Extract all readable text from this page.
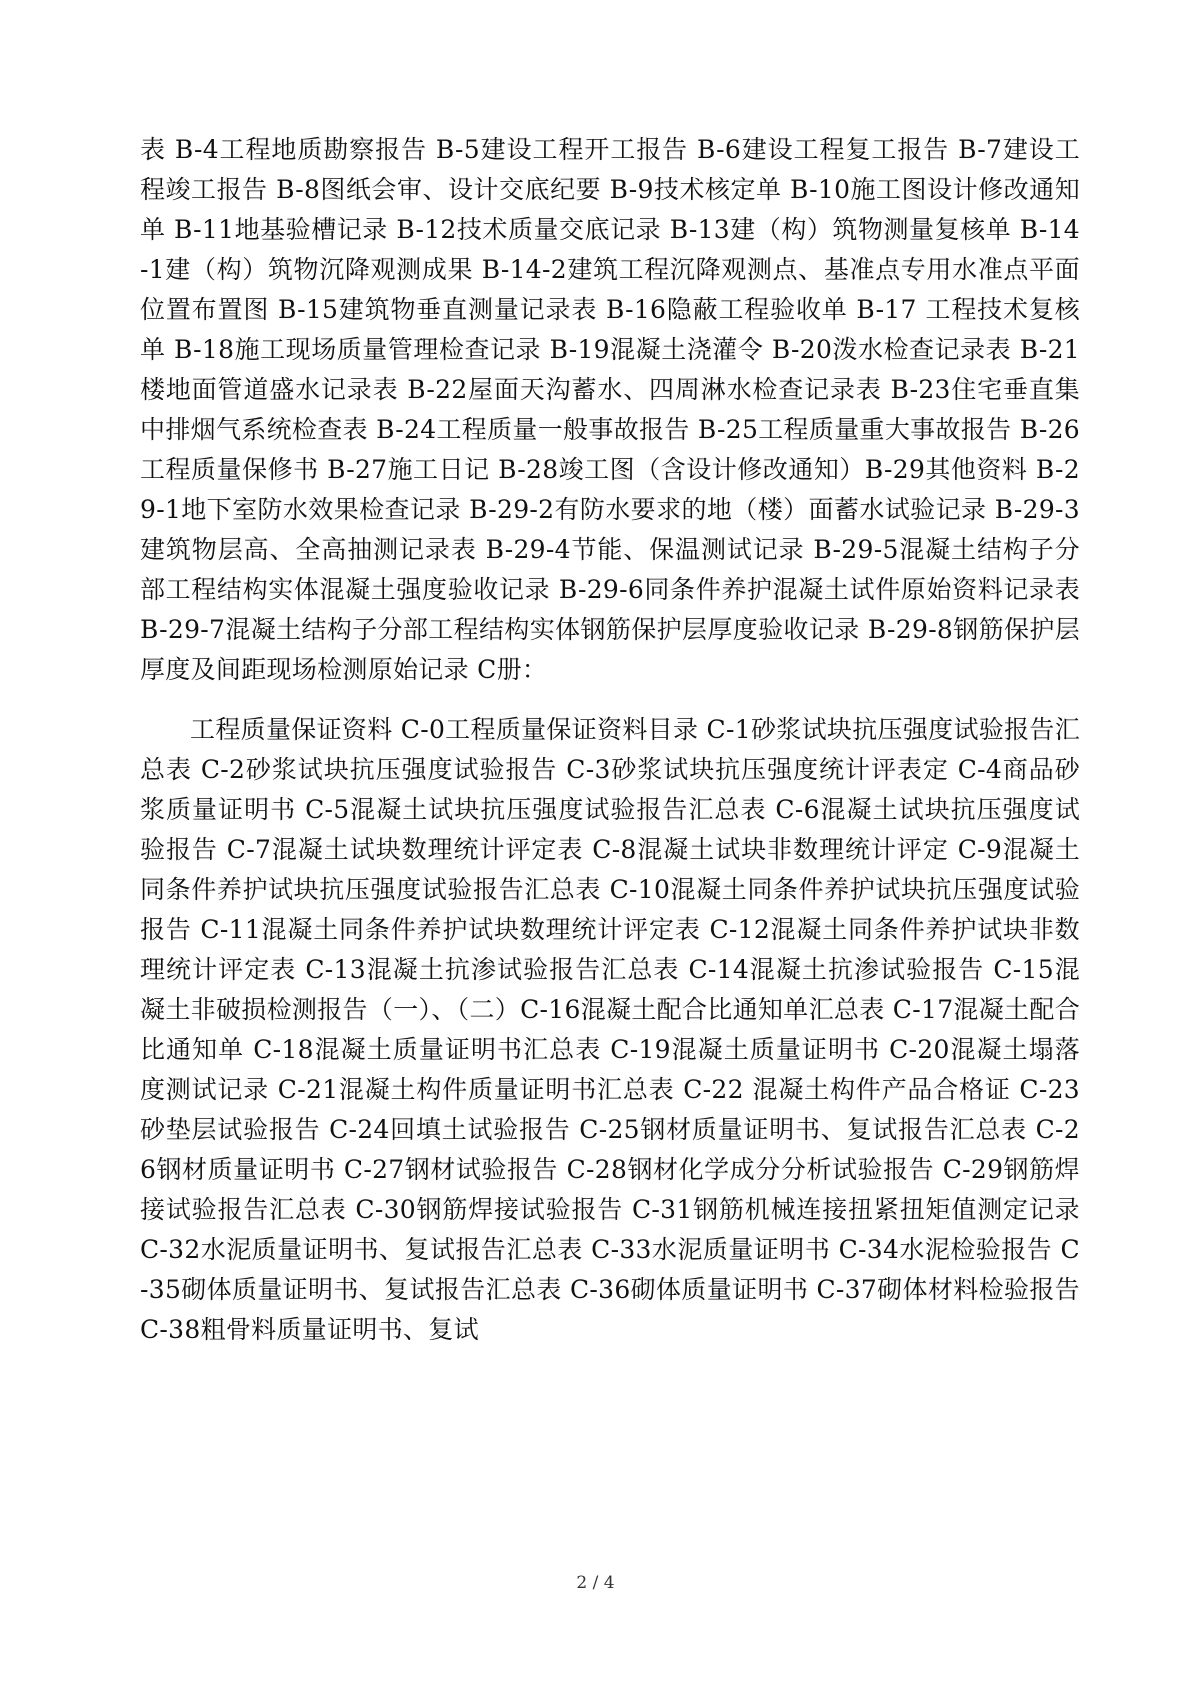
表 B-4工程地质勘察报告 B-5建设工程开工报告 B-6建设工程复工报告 B-7建设工程竣工报告 B-8图纸会审、设计交底纪要 B-9技术核定单 B-10施工图设计修改通知单 B-11地基验槽记录 B-12技术质量交底记录 B-13建（构）筑物测量复核单 B-14-1建（构）筑物沉降观测成果 B-14-2建筑工程沉降观测点、基准点专用水准点平面位置布置图 B-15建筑物垂直测量记录表 B-16隐蔽工程验收单 B-17 工程技术复核单 B-18施工现场质量管理检查记录 B-19混凝土浇灌令 B-20泼水检查记录表 B-21楼地面管道盛水记录表 B-22屋面天沟蓄水、四周淋水检查记录表 B-23住宅垂直集中排烟气系统检查表 B-24工程质量一般事故报告 B-25工程质量重大事故报告 B-26工程质量保修书 B-27施工日记 B-28竣工图（含设计修改通知）B-29其他资料 B-29-1地下室防水效果检查记录 B-29-2有防水要求的地（楼）面蓄水试验记录 B-29-3建筑物层高、全高抽测记录表 B-29-4节能、保温测试记录 B-29-5混凝土结构子分部工程结构实体混凝土强度验收记录 B-29-6同条件养护混凝土试件原始资料记录表 B-29-7混凝土结构子分部工程结构实体钢筋保护层厚度验收记录 B-29-8钢筋保护层厚度及间距现场检测原始记录 C册：

工程质量保证资料 C-0工程质量保证资料目录 C-1砂浆试块抗压强度试验报告汇总表 C-2砂浆试块抗压强度试验报告 C-3砂浆试块抗压强度统计评表定 C-4商品砂浆质量证明书 C-5混凝土试块抗压强度试验报告汇总表 C-6混凝土试块抗压强度试验报告 C-7混凝土试块数理统计评定表 C-8混凝土试块非数理统计评定 C-9混凝土同条件养护试块抗压强度试验报告汇总表 C-10混凝土同条件养护试块抗压强度试验报告 C-11混凝土同条件养护试块数理统计评定表 C-12混凝土同条件养护试块非数理统计评定表 C-13混凝土抗渗试验报告汇总表 C-14混凝土抗渗试验报告 C-15混凝土非破损检测报告（一）、（二）C-16混凝土配合比通知单汇总表 C-17混凝土配合比通知单 C-18混凝土质量证明书汇总表 C-19混凝土质量证明书 C-20混凝土塌落度测试记录 C-21混凝土构件质量证明书汇总表 C-22 混凝土构件产品合格证 C-23砂垫层试验报告 C-24回填土试验报告 C-25钢材质量证明书、复试报告汇总表 C-26钢材质量证明书 C-27钢材试验报告 C-28钢材化学成分分析试验报告 C-29钢筋焊接试验报告汇总表 C-30钢筋焊接试验报告 C-31钢筋机械连接扭紧扭矩值测定记录 C-32水泥质量证明书、复试报告汇总表 C-33水泥质量证明书 C-34水泥检验报告 C-35砌体质量证明书、复试报告汇总表 C-36砌体质量证明书 C-37砌体材料检验报告 C-38粗骨料质量证明书、复试

2 / 4
